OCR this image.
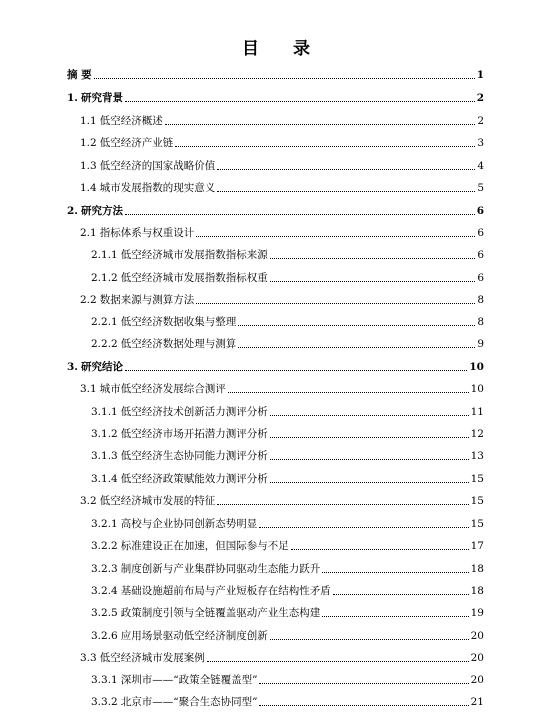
目 录
摘 要	1
1. 研究背景	2
1.1 低空经济概述	2
1.2 低空经济产业链	3
1.3 低空经济的国家战略价值	4
1.4 城市发展指数的现实意义	5
2. 研究方法	6
2.1 指标体系与权重设计	6
2.1.1 低空经济城市发展指数指标来源	6
2.1.2 低空经济城市发展指数指标权重	6
2.2 数据来源与测算方法	8
2.2.1 低空经济数据收集与整理	8
2.2.2 低空经济数据处理与测算	9
3. 研究结论	10
3.1 城市低空经济发展综合测评	10
3.1.1 低空经济技术创新活力测评分析	11
3.1.2 低空经济市场开拓潜力测评分析	12
3.1.3 低空经济生态协同能力测评分析	13
3.1.4 低空经济政策赋能效力测评分析	15
3.2 低空经济城市发展的特征	15
3.2.1 高校与企业协同创新态势明显	15
3.2.2 标准建设正在加速，但国际参与不足	17
3.2.3 制度创新与产业集群协同驱动生态能力跃升	18
3.2.4 基础设施超前布局与产业短板存在结构性矛盾	18
3.2.5 政策制度引领与全链覆盖驱动产业生态构建	19
3.2.6 应用场景驱动低空经济制度创新	20
3.3 低空经济城市发展案例	20
3.3.1 深圳市——“政策全链覆盖型”	20
3.3.2 北京市——“聚合生态协同型”	21
